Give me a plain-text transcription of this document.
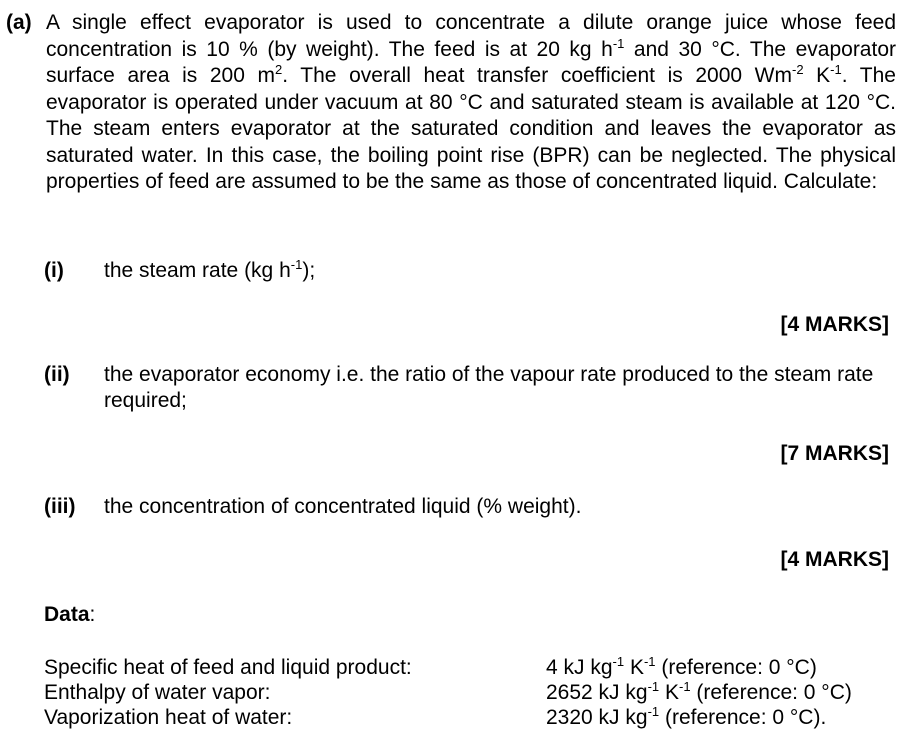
(a) A single effect evaporator is used to concentrate a dilute orange juice whose feed concentration is 10 % (by weight). The feed is at 20 kg $h^{-1}$ and 30 °C. The evaporator surface area is 200 $m^2$. The overall heat transfer coefficient is 2000 $Wm^{-2}$ $K^{-1}$. The evaporator is operated under vacuum at 80 °C and saturated steam is available at 120 °C. The steam enters evaporator at the saturated condition and leaves the evaporator as saturated water. In this case, the boiling point rise (BPR) can be neglected. The physical properties of feed are assumed to be the same as those of concentrated liquid. Calculate:
(i)	the steam rate (kg $h^{-1}$);
[4 MARKS]
(ii)	the evaporator economy i.e. the ratio of the vapour rate produced to the steam rate required;
[7 MARKS]
(iii)	the concentration of concentrated liquid (% weight).
[4 MARKS]
Data:
Specific heat of feed and liquid product:	4 kJ $kg^{-1}$ $K^{-1}$ (reference: 0 °C)
Enthalpy of water vapor:	2652 kJ $kg^{-1}$ $K^{-1}$ (reference: 0 °C)
Vaporization heat of water:	2320 kJ $kg^{-1}$ (reference: 0 °C).
